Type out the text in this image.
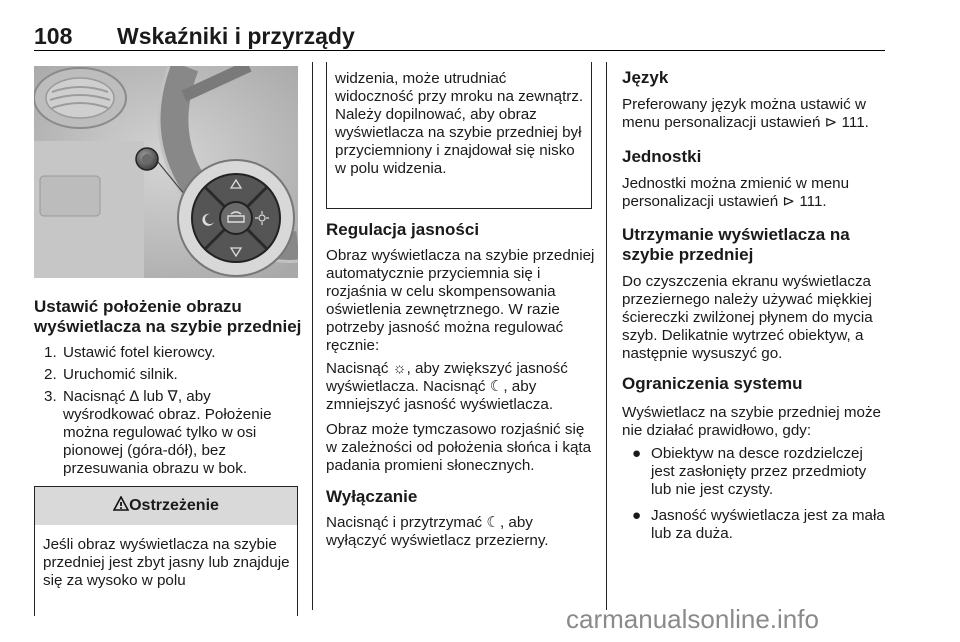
108 Wskaźniki i przyrządy

Ustawić położenie obrazu wyświetlacza na szybie przedniej

1. Ustawić fotel kierowcy.
2. Uruchomić silnik.
3. Nacisnąć ∆ lub ∇, aby wyśrodkować obraz. Położenie można regulować tylko w osi pionowej (góra-dół), bez przesuwania obrazu w bok.
Ostrzeżenie

Jeśli obraz wyświetlacza na szybie przedniej jest zbyt jasny lub znajduje się za wysoko w polu

widzenia, może utrudniać widoczność przy mroku na zewnątrz. Należy dopilnować, aby obraz wyświetlacza na szybie przedniej był przyciemniony i znajdował się nisko w polu widzenia.

Regulacja jasności

Obraz wyświetlacza na szybie przedniej automatycznie przyciemnia się i rozjaśnia w celu skompensowania oświetlenia zewnętrznego. W razie potrzeby jasność można regulować ręcznie:

Nacisnąć ☼, aby zwiększyć jasność wyświetlacza. Nacisnąć ☾, aby zmniejszyć jasność wyświetlacza.

Obraz może tymczasowo rozjaśnić się w zależności od położenia słońca i kąta padania promieni słonecznych.

Wyłączanie

Nacisnąć i przytrzymać ☾, aby wyłączyć wyświetlacz przezierny.

Język

Preferowany język można ustawić w menu personalizacji ustawień ⊳ 111.

Jednostki

Jednostki można zmienić w menu personalizacji ustawień ⊳ 111.

Utrzymanie wyświetlacza na szybie przedniej

Do czyszczenia ekranu wyświetlacza przeziernego należy używać miękkiej ściereczki zwilżonej płynem do mycia szyb. Delikatnie wytrzeć obiektyw, a następnie wysuszyć go.

Ograniczenia systemu

Wyświetlacz na szybie przedniej może nie działać prawidłowo, gdy:

● Obiektyw na desce rozdzielczej jest zasłonięty przez przedmioty lub nie jest czysty.
● Jasność wyświetlacza jest za mała lub za duża.
carmanualsonline.info
